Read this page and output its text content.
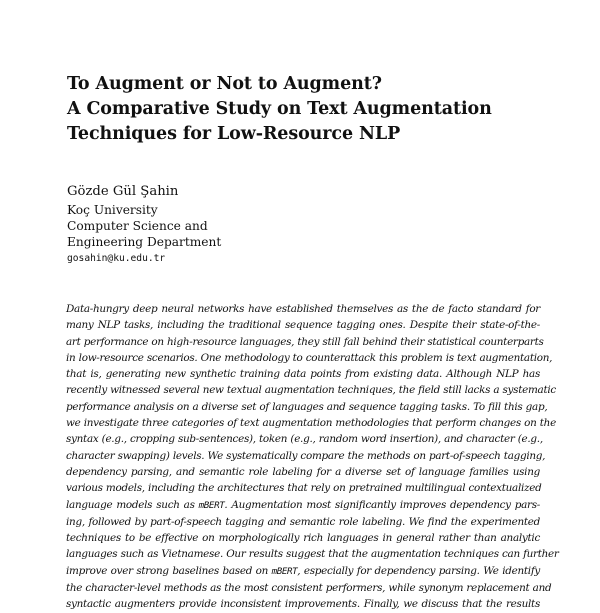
To Augment or Not to Augment?
A Comparative Study on Text Augmentation
Techniques for Low-Resource NLP
Gözde Gül Şahin
Koç University
Computer Science and
Engineering Department
gosahin@ku.edu.tr
Data-hungry deep neural networks have established themselves as the de facto standard for
many NLP tasks, including the traditional sequence tagging ones. Despite their state-of-the-
art performance on high-resource languages, they still fall behind their statistical counterparts
in low-resource scenarios. One methodology to counterattack this problem is text augmentation,
that is, generating new synthetic training data points from existing data. Although NLP has
recently witnessed several new textual augmentation techniques, the field still lacks a systematic
performance analysis on a diverse set of languages and sequence tagging tasks. To fill this gap,
we investigate three categories of text augmentation methodologies that perform changes on the
syntax (e.g., cropping sub-sentences), token (e.g., random word insertion), and character (e.g.,
character swapping) levels. We systematically compare the methods on part-of-speech tagging,
dependency parsing, and semantic role labeling for a diverse set of language families using
various models, including the architectures that rely on pretrained multilingual contextualized
language models such as mBERT. Augmentation most significantly improves dependency pars-
ing, followed by part-of-speech tagging and semantic role labeling. We find the experimented
techniques to be effective on morphologically rich languages in general rather than analytic
languages such as Vietnamese. Our results suggest that the augmentation techniques can further
improve over strong baselines based on mBERT, especially for dependency parsing. We identify
the character-level methods as the most consistent performers, while synonym replacement and
syntactic augmenters provide inconsistent improvements. Finally, we discuss that the results
